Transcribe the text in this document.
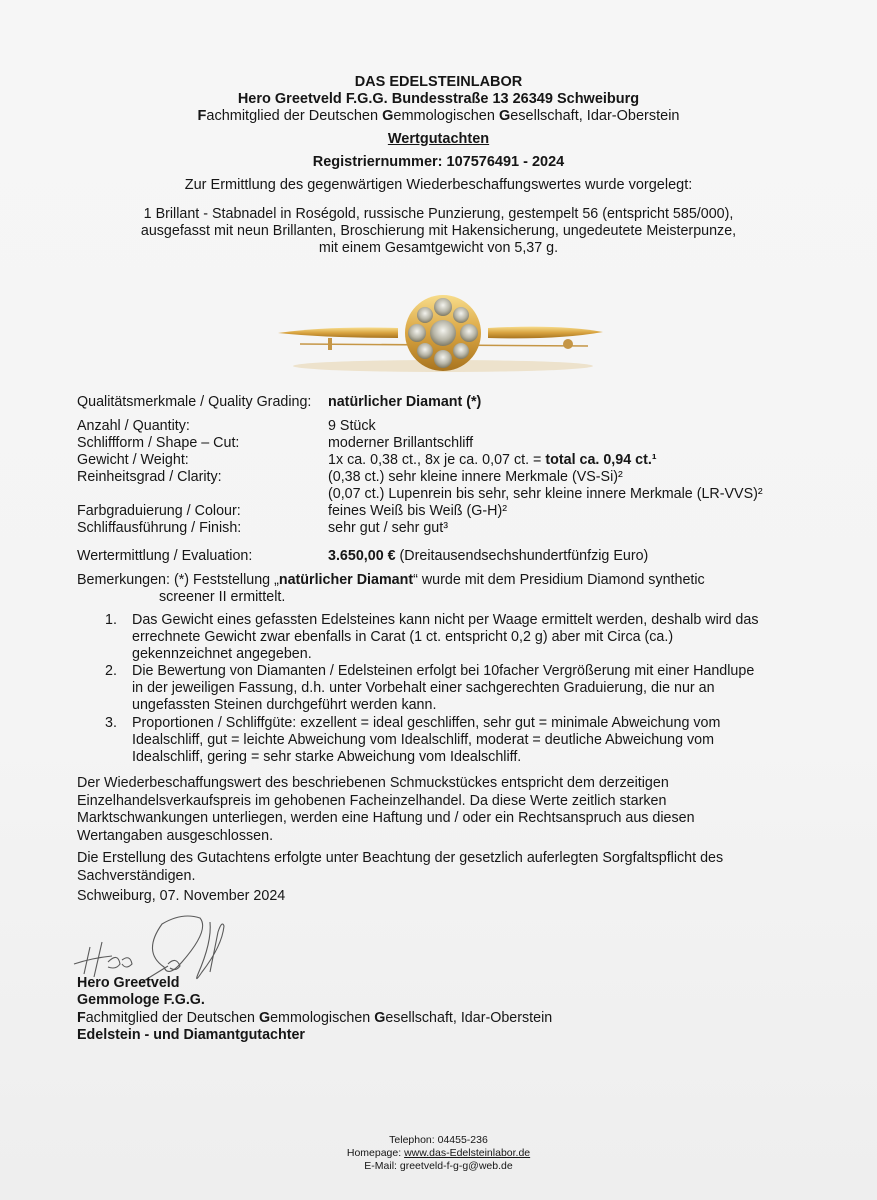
DAS EDELSTEINLABOR
Hero Greetveld F.G.G. Bundesstraße 13 26349 Schweiburg
Fachmitglied der Deutschen Gemmologischen Gesellschaft, Idar-Oberstein
Wertgutachten
Registriernummer: 107576491 - 2024
Zur Ermittlung des gegenwärtigen Wiederbeschaffungswertes wurde vorgelegt:
1 Brillant - Stabnadel in Roségold, russische Punzierung, gestempelt 56 (entspricht 585/000),
ausgefasst mit neun Brillanten, Broschierung mit Hakensicherung, ungedeutete Meisterpunze,
mit einem Gesamtgewicht von 5,37 g.
Qualitätsmerkmale / Quality Grading: natürlicher Diamant (*)
Anzahl / Quantity:	9 Stück
Schliffform / Shape – Cut:	moderner Brillantschliff
Gewicht / Weight:	1x ca. 0,38 ct., 8x je ca. 0,07 ct. = total ca. 0,94 ct.¹
Reinheitsgrad / Clarity:	(0,38 ct.) sehr kleine innere Merkmale (VS-Si)²
(0,07 ct.) Lupenrein bis sehr, sehr kleine innere Merkmale (LR-VVS)²
Farbgraduierung / Colour:	feines Weiß bis Weiß (G-H)²
Schliffausführung / Finish:	sehr gut / sehr gut³
Wertermittlung / Evaluation:	3.650,00 € (Dreitausendsechshundertfünfzig Euro)
Bemerkungen: (*) Feststellung „natürlicher Diamant“ wurde mit dem Presidium Diamond synthetic
screener II ermittelt.
1. Das Gewicht eines gefassten Edelsteines kann nicht per Waage ermittelt werden, deshalb wird das
errechnete Gewicht zwar ebenfalls in Carat (1 ct. entspricht 0,2 g) aber mit Circa (ca.)
gekennzeichnet angegeben.
2. Die Bewertung von Diamanten / Edelsteinen erfolgt bei 10facher Vergrößerung mit einer Handlupe
in der jeweiligen Fassung, d.h. unter Vorbehalt einer sachgerechten Graduierung, die nur an
ungefassten Steinen durchgeführt werden kann.
3. Proportionen / Schliffgüte: exzellent = ideal geschliffen, sehr gut = minimale Abweichung vom
Idealschliff, gut = leichte Abweichung vom Idealschliff, moderat = deutliche Abweichung vom
Idealschliff, gering = sehr starke Abweichung vom Idealschliff.
Der Wiederbeschaffungswert des beschriebenen Schmuckstückes entspricht dem derzeitigen
Einzelhandelsverkaufspreis im gehobenen Facheinzelhandel. Da diese Werte zeitlich starken
Marktschwankungen unterliegen, werden eine Haftung und / oder ein Rechtsanspruch aus diesen
Wertangaben ausgeschlossen.
Die Erstellung des Gutachtens erfolgte unter Beachtung der gesetzlich auferlegten Sorgfaltspflicht des
Sachverständigen.
Schweiburg, 07. November 2024
Hero Greetveld
Gemmologe F.G.G.
Fachmitglied der Deutschen Gemmologischen Gesellschaft, Idar-Oberstein
Edelstein - und Diamantgutachter
Telephon: 04455-236
Homepage: www.das-Edelsteinlabor.de
E-Mail: greetveld-f-g-g@web.de
